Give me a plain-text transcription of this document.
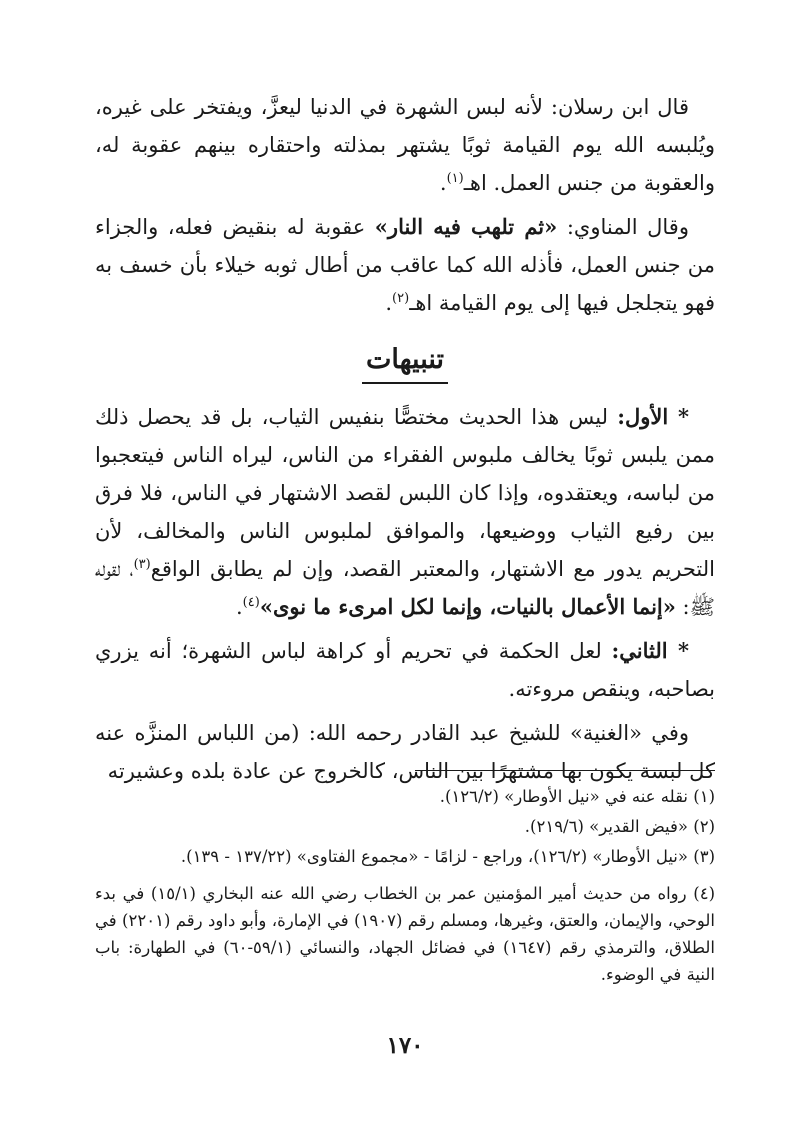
قال ابن رسلان: لأنه لبس الشهرة في الدنيا ليعزَّ، ويفتخر على غيره، ويُلبسه الله يوم القيامة ثوبًا يشتهر بمذلته واحتقاره بينهم عقوبة له، والعقوبة من جنس العمل. اهـ$^{(١)}$.

وقال المناوي: «ثم تلهب فيه النار» عقوبة له بنقيض فعله، والجزاء من جنس العمل، فأذله الله كما عاقب من أطال ثوبه خيلاء بأن خسف به فهو يتجلجل فيها إلى يوم القيامة اهـ$^{(٢)}$.

تنبيهات

* الأول: ليس هذا الحديث مختصًّا بنفيس الثياب، بل قد يحصل ذلك ممن يلبس ثوبًا يخالف ملبوس الفقراء من الناس، ليراه الناس فيتعجبوا من لباسه، ويعتقدوه، وإذا كان اللبس لقصد الاشتهار في الناس، فلا فرق بين رفيع الثياب ووضيعها، والموافق لملبوس الناس والمخالف، لأن التحريم يدور مع الاشتهار، والمعتبر القصد، وإن لم يطابق الواقع$^{(٣)}$، لقوله ﷺ: «إنما الأعمال بالنيات، وإنما لكل امرىء ما نوى»$^{(٤)}$.

* الثاني: لعل الحكمة في تحريم أو كراهة لباس الشهرة؛ أنه يزري بصاحبه، وينقص مروءته.

وفي «الغنية» للشيخ عبد القادر رحمه الله: (من اللباس المنزَّه عنه كل لبسة يكون بها مشتهرًا بين الناس، كالخروج عن عادة بلده وعشيرته

(١) نقله عنه في «نيل الأوطار» (١٢٦/٢).

(٢) «فيض القدير» (٢١٩/٦).

(٣) «نيل الأوطار» (١٢٦/٢)، وراجع - لزامًا - «مجموع الفتاوى» (١٣٧/٢٢ - ١٣٩).

(٤) رواه من حديث أمير المؤمنين عمر بن الخطاب رضي الله عنه البخاري (١٥/١) في بدء الوحي، والإيمان، والعتق، وغيرها، ومسلم رقم (١٩٠٧) في الإمارة، وأبو داود رقم (٢٢٠١) في الطلاق، والترمذي رقم (١٦٤٧) في فضائل الجهاد، والنسائي (٥٩/١-٦٠) في الطهارة: باب النية في الوضوء.

١٧٠
